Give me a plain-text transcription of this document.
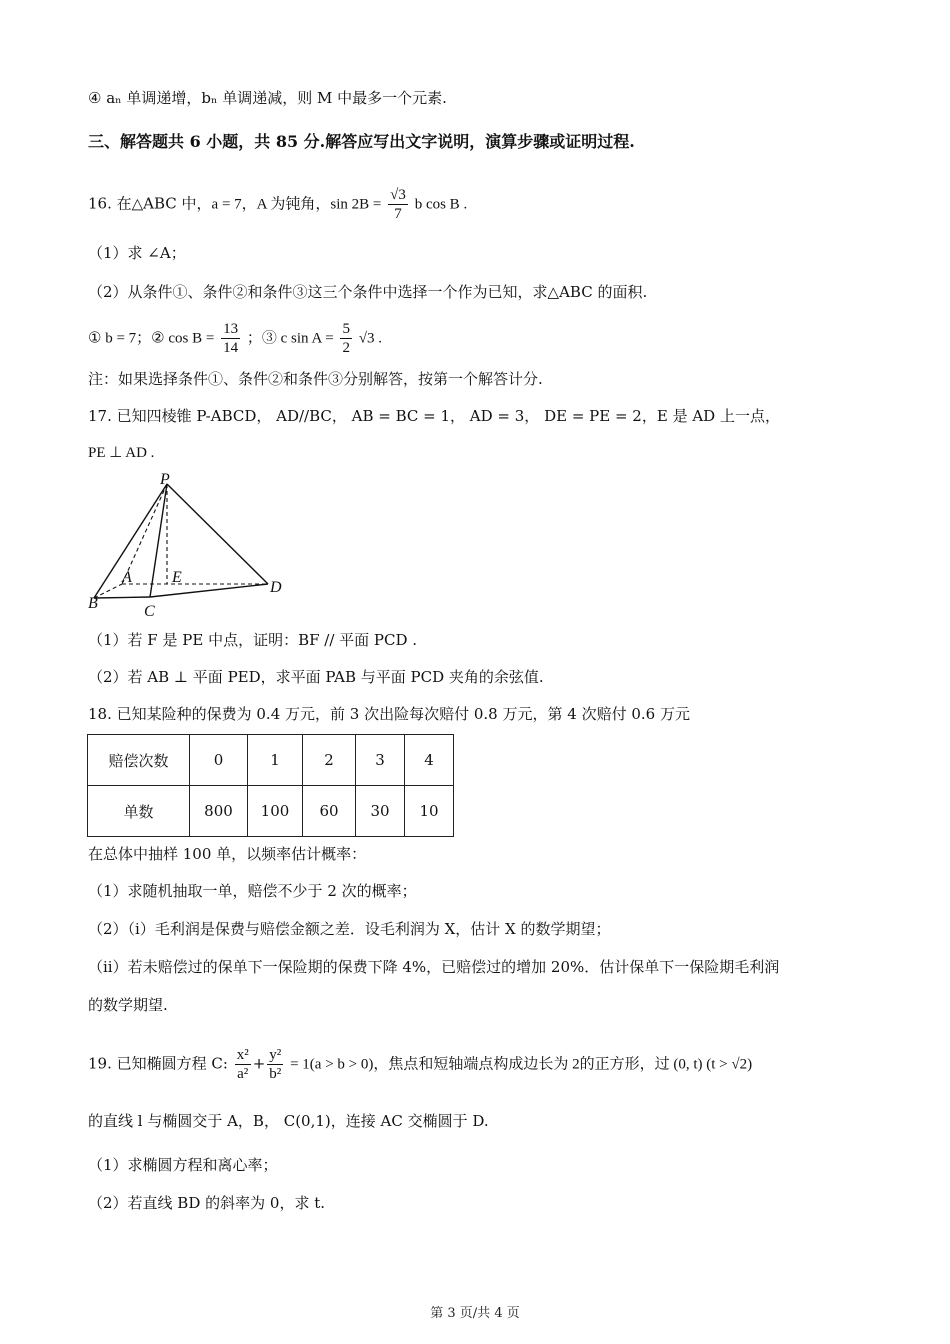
④ aₙ 单调递增，bₙ 单调递减，则 M 中最多一个元素.
三、解答题共 6 小题，共 85 分.解答应写出文字说明，演算步骤或证明过程.
16. 在△ABC 中，a = 7，A 为钝角，$\sin 2B = \frac{√3}{7}$ b cos B .
（1）求 ∠A；
（2）从条件①、条件②和条件③这三个条件中选择一个作为已知，求△ABC 的面积.
① b = 7；② $\cos B = \frac{13}{14}$ ；③ c $\sin A = \frac{5}{2} √3$ .
注：如果选择条件①、条件②和条件③分别解答，按第一个解答计分.
17. 已知四棱锥 P-ABCD， AD//BC， AB = BC = 1， AD = 3， DE = PE = 2，E 是 AD 上一点，
PE ⊥ AD .
P
A	E
B	C
D
（1）若 F 是 PE 中点，证明：BF // 平面 PCD .
（2）若 AB ⊥ 平面 PED，求平面 PAB 与平面 PCD 夹角的余弦值.
18. 已知某险种的保费为 0.4 万元，前 3 次出险每次赔付 0.8 万元，第 4 次赔付 0.6 万元
赔偿次数	0	1	2	3	4
单数	800	100	60	30	10
在总体中抽样 100 单，以频率估计概率：
（1）求随机抽取一单，赔偿不少于 2 次的概率；
（2）（i）毛利润是保费与赔偿金额之差．设毛利润为 X，估计 X 的数学期望；
（ii）若未赔偿过的保单下一保险期的保费下降 4%，已赔偿过的增加 20%．估计保单下一保险期毛利润
的数学期望.
19. 已知椭圆方程 C: $\frac{\text{x²}}{\text{a²}} + \frac{\text{y²}}{\text{b²}} = 1(a > b > 0)$，焦点和短轴端点构成边长为 2的正方形，过 (0, t) (t > √2)
的直线 l 与椭圆交于 A，B， C(0,1)，连接 AC 交椭圆于 D.
（1）求椭圆方程和离心率；
（2）若直线 BD 的斜率为 0，求 t.
第 3 页/共 4 页
